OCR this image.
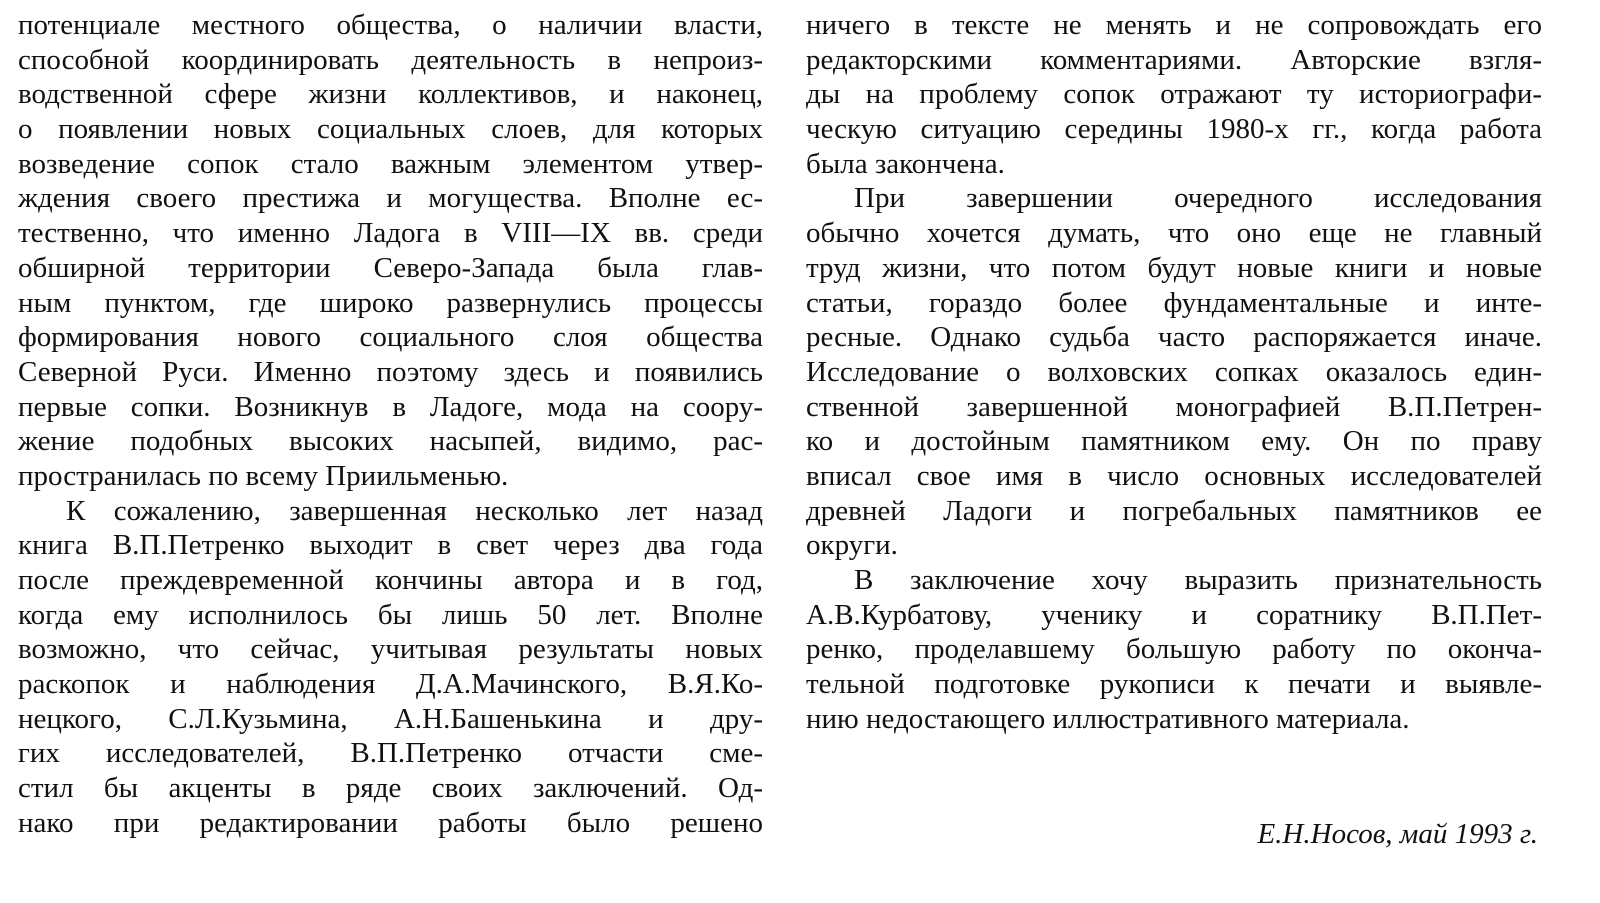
потенциале местного общества, о наличии власти,
способной координировать деятельность в непроиз-
водственной сфере жизни коллективов, и наконец,
о появлении новых социальных слоев, для которых
возведение сопок стало важным элементом утвер-
ждения своего престижа и могущества. Вполне ес-
тественно, что именно Ладога в VIII—IX вв. среди
обширной территории Северо-Запада была глав-
ным пунктом, где широко развернулись процессы
формирования нового социального слоя общества
Северной Руси. Именно поэтому здесь и появились
первые сопки. Возникнув в Ладоге, мода на соору-
жение подобных высоких насыпей, видимо, рас-
пространилась по всему Приильменью.
К сожалению, завершенная несколько лет назад
книга В.П.Петренко выходит в свет через два года
после преждевременной кончины автора и в год,
когда ему исполнилось бы лишь 50 лет. Вполне
возможно, что сейчас, учитывая результаты новых
раскопок и наблюдения Д.А.Мачинского, В.Я.Ко-
нецкого, С.Л.Кузьмина, А.Н.Башенькина и дру-
гих исследователей, В.П.Петренко отчасти сме-
стил бы акценты в ряде своих заключений. Од-
нако при редактировании работы было решено
ничего в тексте не менять и не сопровождать его
редакторскими комментариями. Авторские взгля-
ды на проблему сопок отражают ту историографи-
ческую ситуацию середины 1980-х гг., когда работа
была закончена.
При завершении очередного исследования
обычно хочется думать, что оно еще не главный
труд жизни, что потом будут новые книги и новые
статьи, гораздо более фундаментальные и инте-
ресные. Однако судьба часто распоряжается иначе.
Исследование о волховских сопках оказалось един-
ственной завершенной монографией В.П.Петрен-
ко и достойным памятником ему. Он по праву
вписал свое имя в число основных исследователей
древней Ладоги и погребальных памятников ее
округи.
В заключение хочу выразить признательность
А.В.Курбатову, ученику и соратнику В.П.Пет-
ренко, проделавшему большую работу по оконча-
тельной подготовке рукописи к печати и выявле-
нию недостающего иллюстративного материала.
Е.Н.Носов, май 1993 г.
